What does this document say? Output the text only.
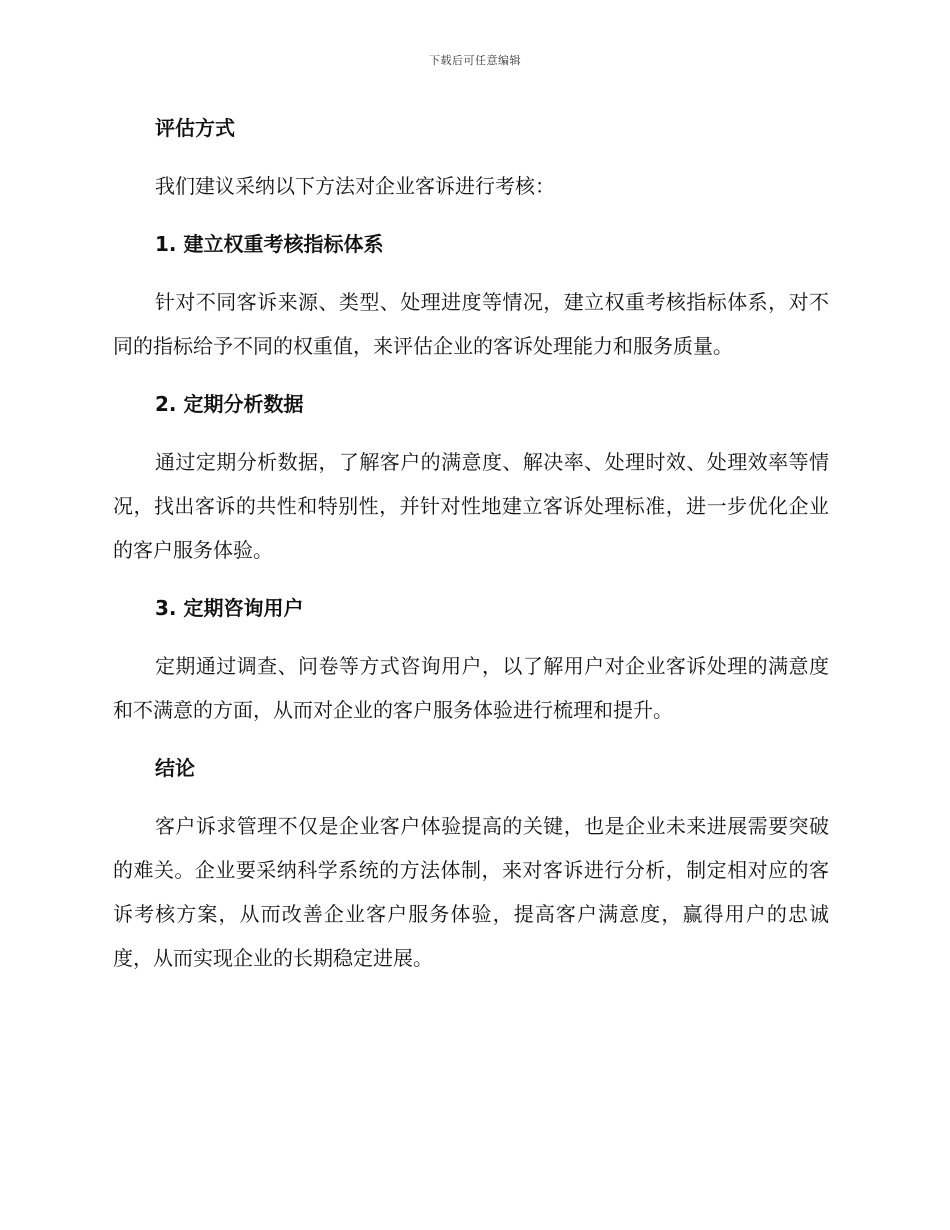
下载后可任意编辑
评估方式

我们建议采纳以下方法对企业客诉进行考核：

1. 建立权重考核指标体系

针对不同客诉来源、类型、处理进度等情况，建立权重考核指标体系，对不同的指标给予不同的权重值，来评估企业的客诉处理能力和服务质量。

2. 定期分析数据

通过定期分析数据，了解客户的满意度、解决率、处理时效、处理效率等情况，找出客诉的共性和特别性，并针对性地建立客诉处理标准，进一步优化企业的客户服务体验。

3. 定期咨询用户

定期通过调查、问卷等方式咨询用户，以了解用户对企业客诉处理的满意度和不满意的方面，从而对企业的客户服务体验进行梳理和提升。

结论

客户诉求管理不仅是企业客户体验提高的关键，也是企业未来进展需要突破的难关。企业要采纳科学系统的方法体制，来对客诉进行分析，制定相对应的客诉考核方案，从而改善企业客户服务体验，提高客户满意度，赢得用户的忠诚度，从而实现企业的长期稳定进展。
